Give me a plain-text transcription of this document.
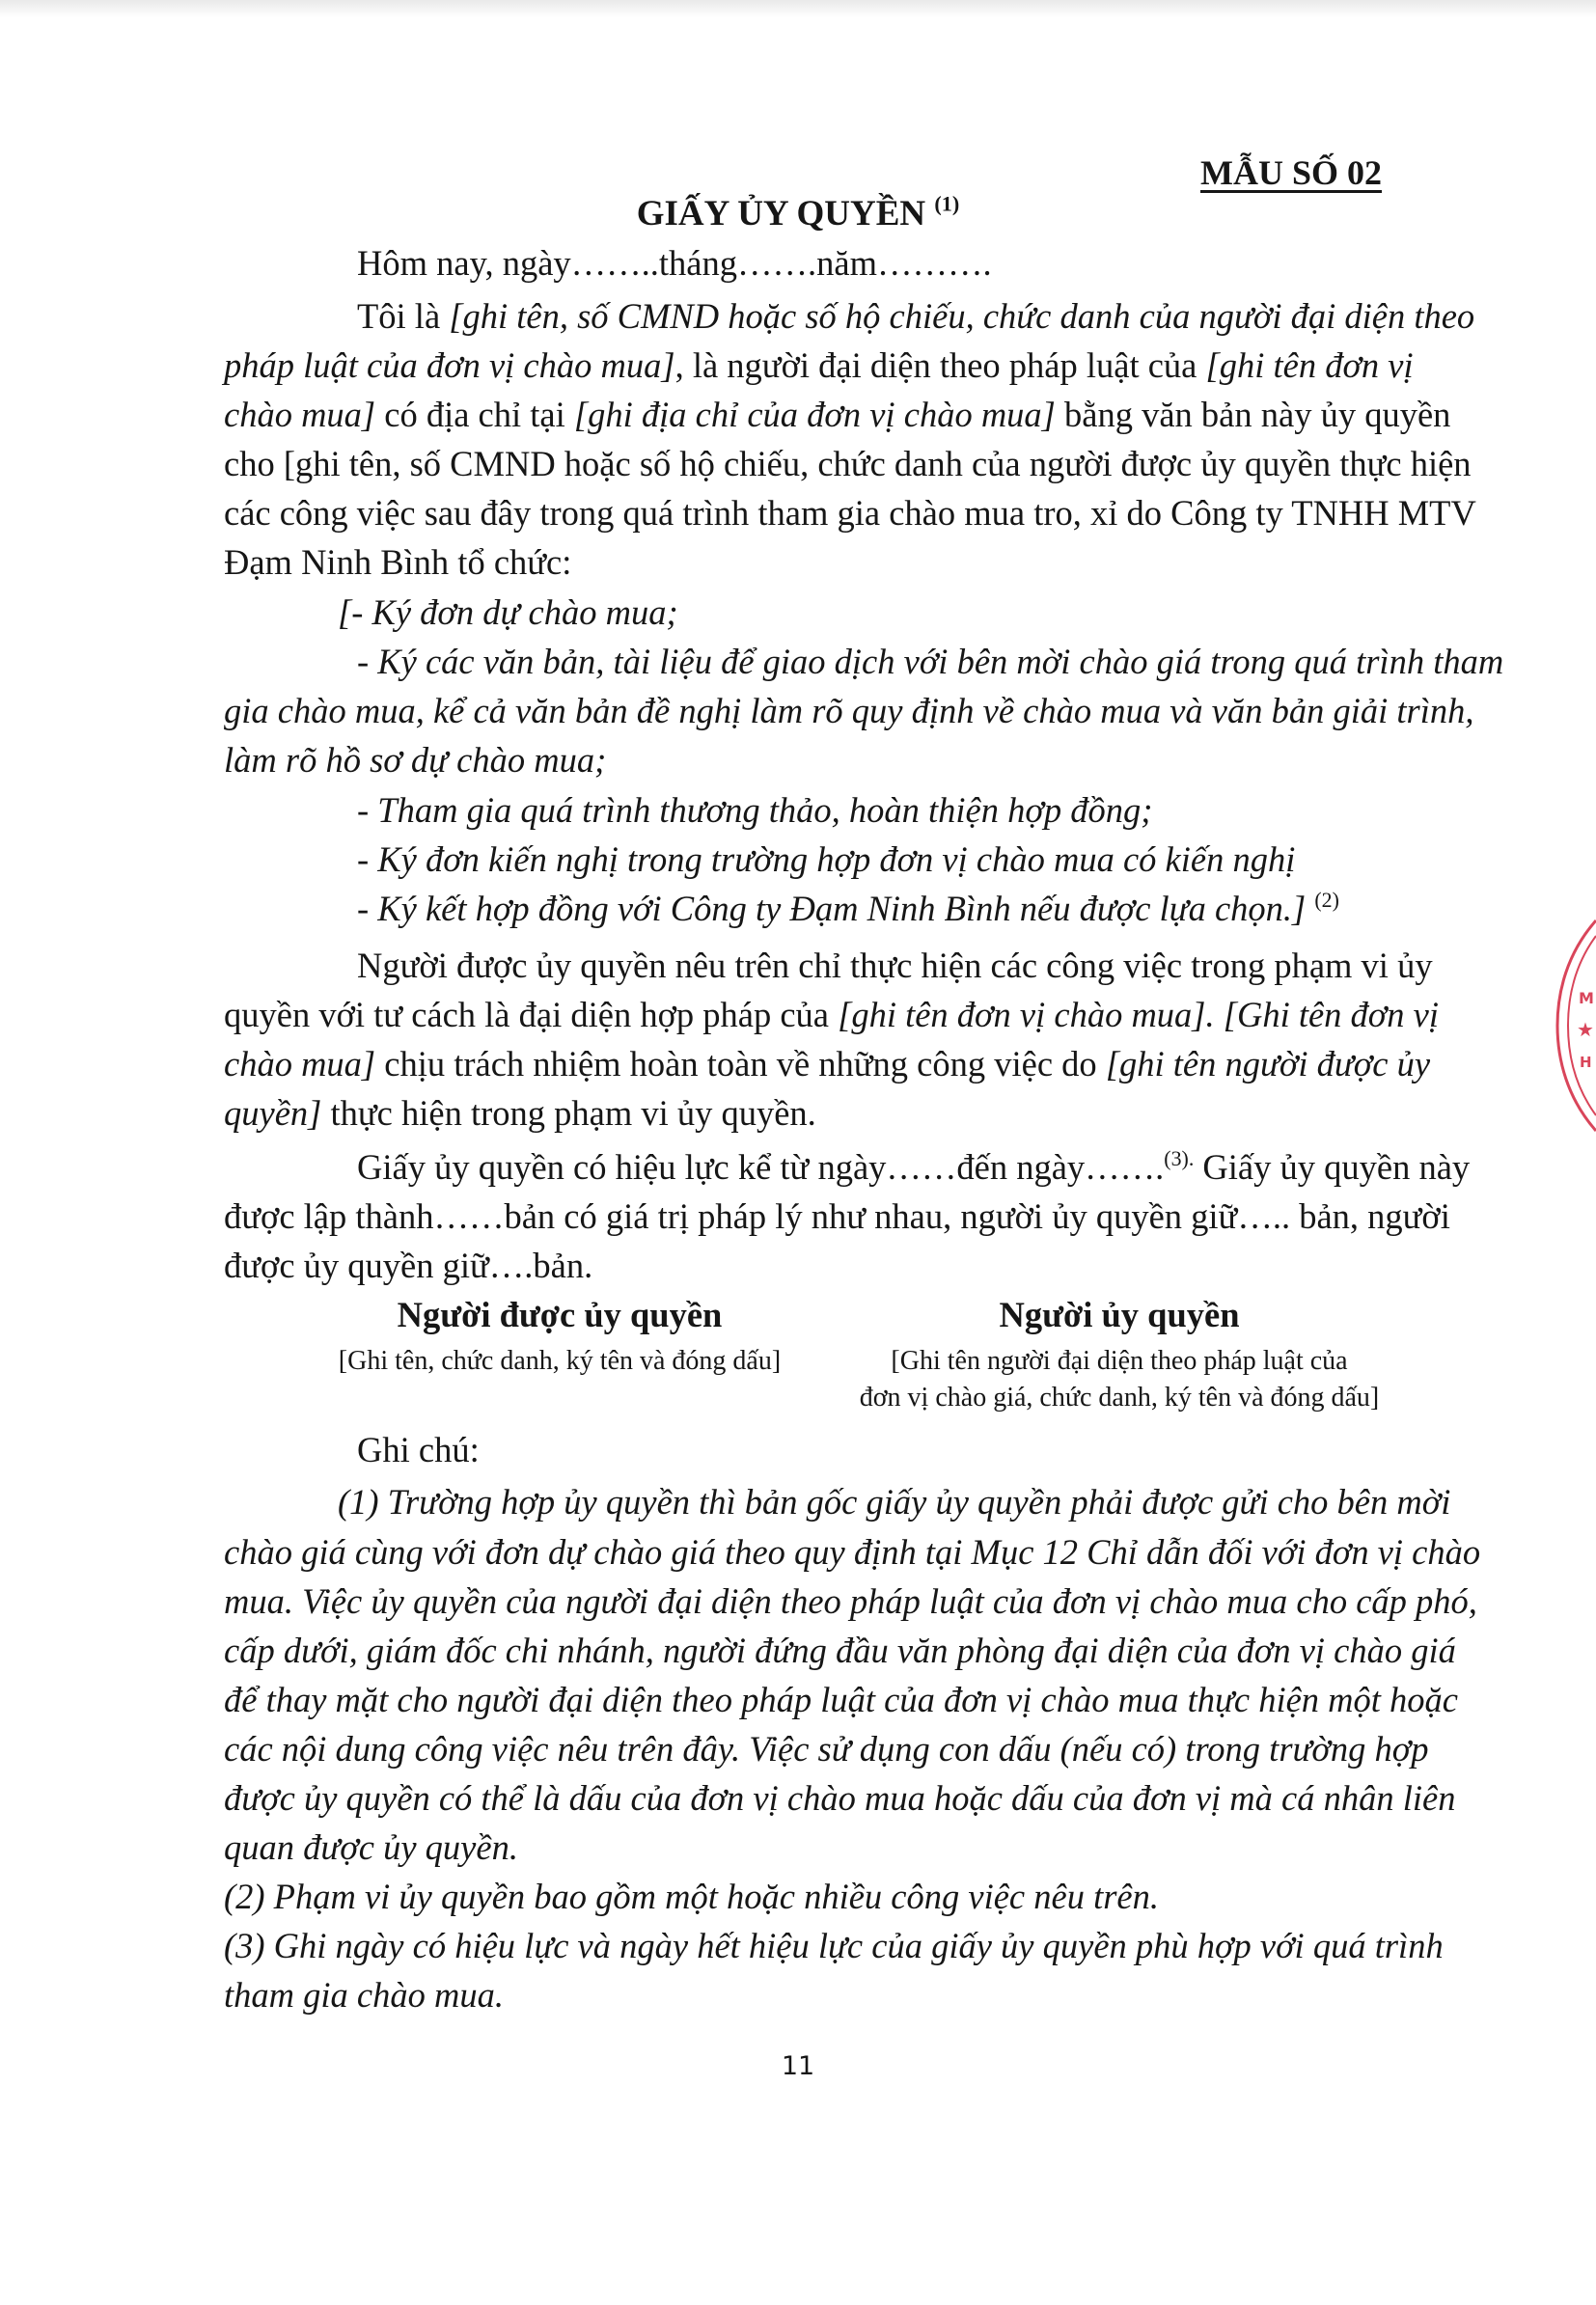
MẪU SỐ 02
GIẤY ỦY QUYỀN $^{(1)}$
Hôm nay, ngày……..tháng…….năm……….
Tôi là [ghi tên, số CMND hoặc số hộ chiếu, chức danh của người đại diện theo
pháp luật của đơn vị chào mua], là người đại diện theo pháp luật của [ghi tên đơn vị
chào mua] có địa chỉ tại [ghi địa chỉ của đơn vị chào mua] bằng văn bản này ủy quyền
cho [ghi tên, số CMND hoặc số hộ chiếu, chức danh của người được ủy quyền thực hiện
các công việc sau đây trong quá trình tham gia chào mua tro, xỉ do Công ty TNHH MTV
Đạm Ninh Bình tổ chức:
[- Ký đơn dự chào mua;
- Ký các văn bản, tài liệu để giao dịch với bên mời chào giá trong quá trình tham
gia chào mua, kể cả văn bản đề nghị làm rõ quy định về chào mua và văn bản giải trình,
làm rõ hồ sơ dự chào mua;
- Tham gia quá trình thương thảo, hoàn thiện hợp đồng;
- Ký đơn kiến nghị trong trường hợp đơn vị chào mua có kiến nghị
- Ký kết hợp đồng với Công ty Đạm Ninh Bình nếu được lựa chọn.] $^{(2)}$
Người được ủy quyền nêu trên chỉ thực hiện các công việc trong phạm vi ủy
quyền với tư cách là đại diện hợp pháp của [ghi tên đơn vị chào mua]. [Ghi tên đơn vị
chào mua] chịu trách nhiệm hoàn toàn về những công việc do [ghi tên người được ủy
quyền] thực hiện trong phạm vi ủy quyền.
Giấy ủy quyền có hiệu lực kể từ ngày……đến ngày…….$^{(3).}$ Giấy ủy quyền này
được lập thành……bản có giá trị pháp lý như nhau, người ủy quyền giữ….. bản, người
được ủy quyền giữ….bản.
Người được ủy quyền
[Ghi tên, chức danh, ký tên và đóng dấu]
Người ủy quyền
[Ghi tên người đại diện theo pháp luật của
đơn vị chào giá, chức danh, ký tên và đóng dấu]
Ghi chú:
(1) Trường hợp ủy quyền thì bản gốc giấy ủy quyền phải được gửi cho bên mời
chào giá cùng với đơn dự chào giá theo quy định tại Mục 12 Chỉ dẫn đối với đơn vị chào
mua. Việc ủy quyền của người đại diện theo pháp luật của đơn vị chào mua cho cấp phó,
cấp dưới, giám đốc chi nhánh, người đứng đầu văn phòng đại diện của đơn vị chào giá
để thay mặt cho người đại diện theo pháp luật của đơn vị chào mua thực hiện một hoặc
các nội dung công việc nêu trên đây. Việc sử dụng con dấu (nếu có) trong trường hợp
được ủy quyền có thể là dấu của đơn vị chào mua hoặc dấu của đơn vị mà cá nhân liên
quan được ủy quyền.
(2) Phạm vi ủy quyền bao gồm một hoặc nhiều công việc nêu trên.
(3) Ghi ngày có hiệu lực và ngày hết hiệu lực của giấy ủy quyền phù hợp với quá trình
tham gia chào mua.
11
M
★
H
